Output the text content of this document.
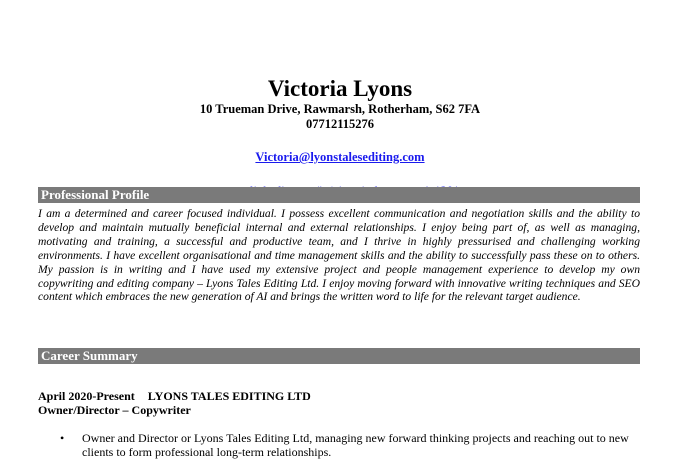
Victoria Lyons

10 Trueman Drive, Rawmarsh, Rotherham, S62 7FA

07712115276

Victoria@lyonstalesediting.com

Professional Profile

I am a determined and career focused individual. I possess excellent communication and negotiation skills and the ability to develop and maintain mutually beneficial internal and external relationships. I enjoy being part of, as well as managing, motivating and training, a successful and productive team, and I thrive in highly pressurised and challenging working environments. I have excellent organisational and time management skills and the ability to successfully pass these on to others. My passion is in writing and I have used my extensive project and people management experience to develop my own copywriting and editing company – Lyons Tales Editing Ltd. I enjoy moving forward with innovative writing techniques and SEO content which embraces the new generation of AI and brings the written word to life for the relevant target audience.

Career Summary
April 2020-Present LYONS TALES EDITING LTD
Owner/Director – Copywriter
• Owner and Director or Lyons Tales Editing Ltd, managing new forward thinking projects and reaching out to new clients to form professional long-term relationships.
